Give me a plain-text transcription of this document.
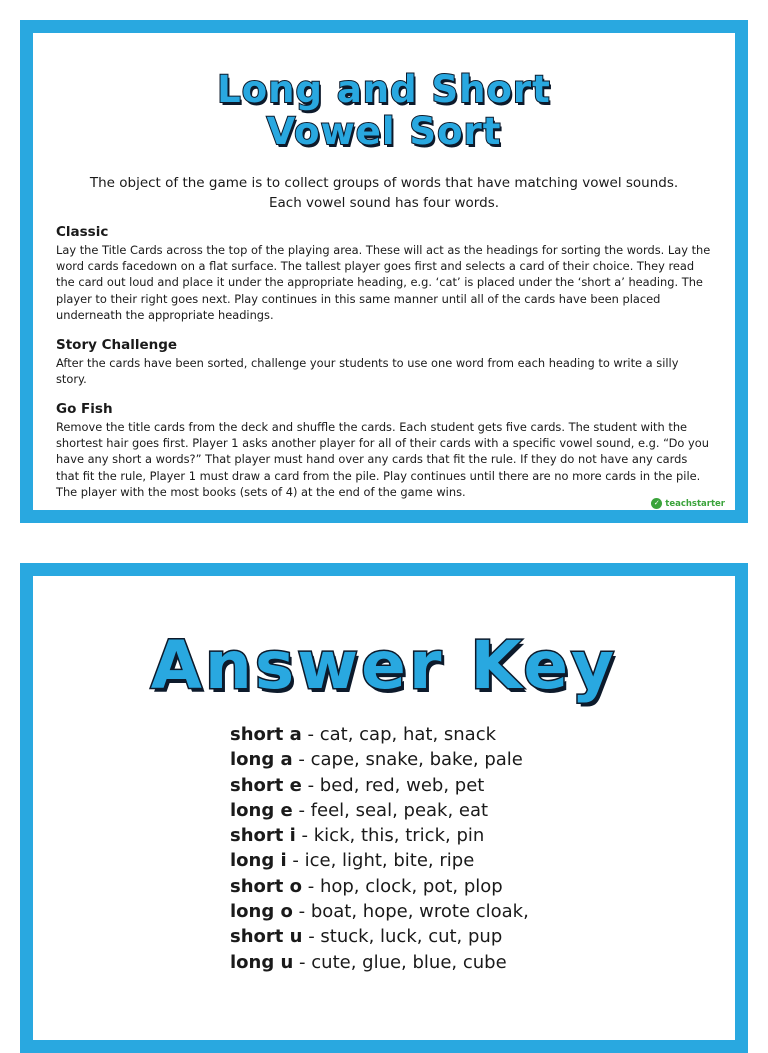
Long and Short
Vowel Sort
The object of the game is to collect groups of words that have matching vowel sounds.
Each vowel sound has four words.
Classic

Lay the Title Cards across the top of the playing area. These will act as the headings for sorting the words. Lay the word cards facedown on a flat surface. The tallest player goes first and selects a card of their choice. They read the card out loud and place it under the appropriate heading, e.g. ‘cat’ is placed under the ‘short a’ heading. The player to their right goes next. Play continues in this same manner until all of the cards have been placed underneath the appropriate headings.

Story Challenge

After the cards have been sorted, challenge your students to use one word from each heading to write a silly story.

Go Fish

Remove the title cards from the deck and shuffle the cards. Each student gets five cards. The student with the shortest hair goes first. Player 1 asks another player for all of their cards with a specific vowel sound, e.g. “Do you have any short a words?” That player must hand over any cards that fit the rule. If they do not have any cards that fit the rule, Player 1 must draw a card from the pile. Play continues until there are no more cards in the pile. The player with the most books (sets of 4) at the end of the game wins.

✓ teachstarter
Answer Key
short a - cat, cap, hat, snack
long a - cape, snake, bake, pale
short e - bed, red, web, pet
long e - feel, seal, peak, eat
short i - kick, this, trick, pin
long i - ice, light, bite, ripe
short o - hop, clock, pot, plop
long o - boat, hope, wrote cloak,
short u - stuck, luck, cut, pup
long u - cute, glue, blue, cube
